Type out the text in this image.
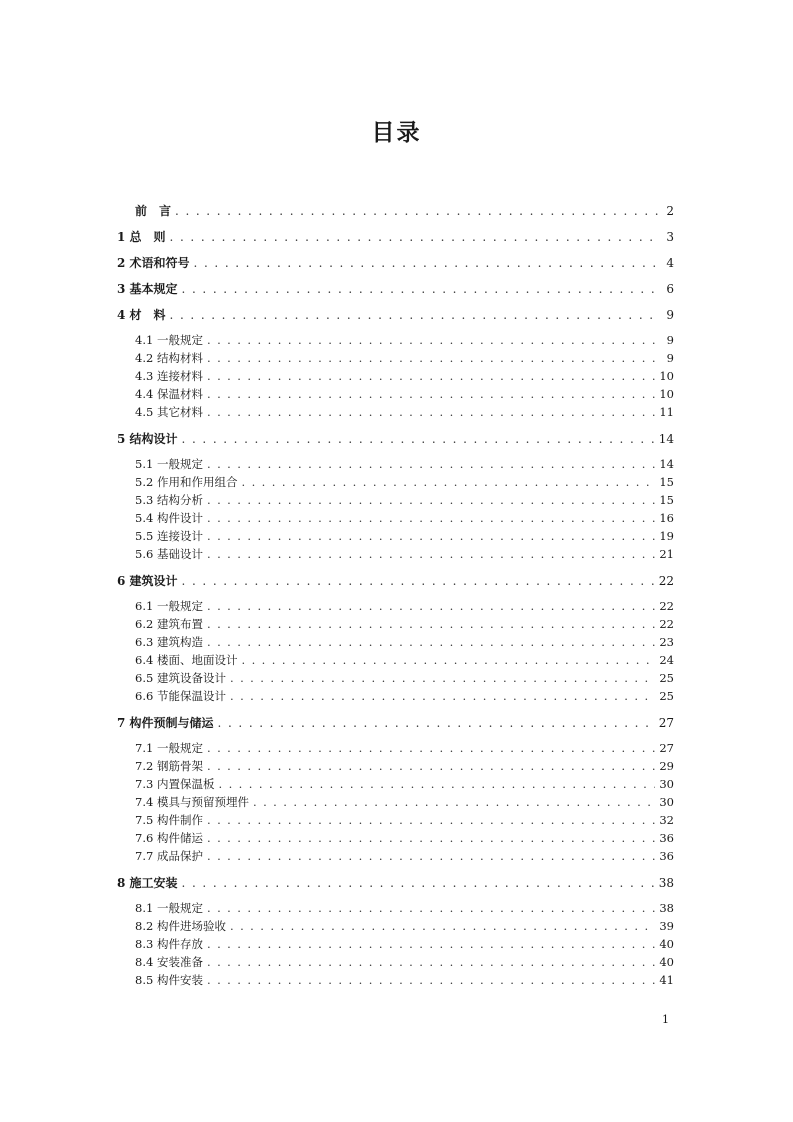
目录
前　言 . . .	2
1 总　则 . . .	3
2 术语和符号 . . .	4
3 基本规定 . . .	6
4 材　料 . . .	9
4.1 一般规定 . . .	9
4.2 结构材料 . . .	9
4.3 连接材料 . . .	10
4.4 保温材料 . . .	10
4.5 其它材料 . . .	11
5 结构设计 . . .	14
5.1 一般规定 . . .	14
5.2 作用和作用组合 . . .	15
5.3 结构分析 . . .	15
5.4 构件设计 . . .	16
5.5 连接设计 . . .	19
5.6 基础设计 . . .	21
6 建筑设计 . . .	22
6.1 一般规定 . . .	22
6.2 建筑布置 . . .	22
6.3 建筑构造 . . .	23
6.4 楼面、地面设计 . . .	24
6.5 建筑设备设计 . . .	25
6.6 节能保温设计 . . .	25
7 构件预制与储运 . . .	27
7.1 一般规定 . . .	27
7.2 钢筋骨架 . . .	29
7.3 内置保温板 . . .	30
7.4 模具与预留预埋件 . . .	30
7.5 构件制作 . . .	32
7.6 构件储运 . . .	36
7.7 成品保护 . . .	36
8 施工安装 . . .	38
8.1 一般规定 . . .	38
8.2 构件进场验收 . . .	39
8.3 构件存放 . . .	40
8.4 安装准备 . . .	40
8.5 构件安装 . . .	41
1
